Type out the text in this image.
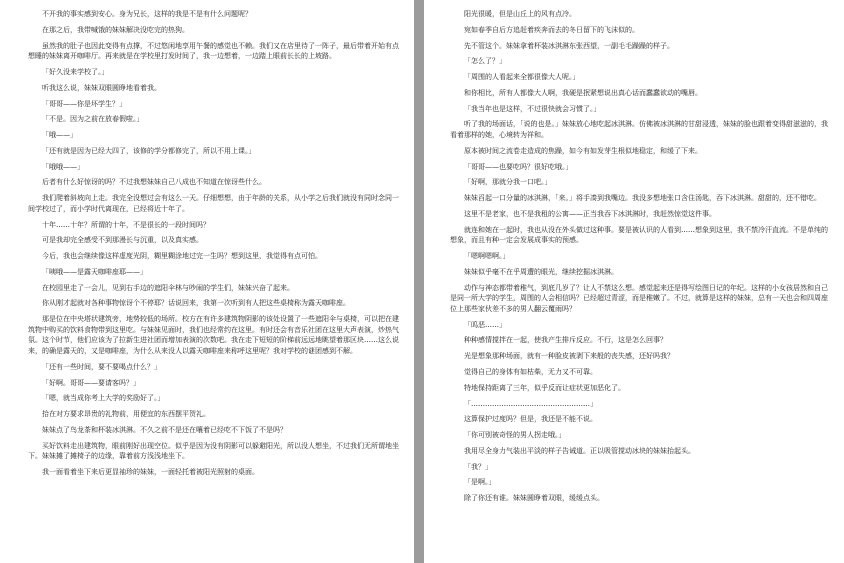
不开我的事实感到安心。身为兄长，这样的我是不是有什么问题呢？

在那之后，我带喊饿的妹妹解决没吃完的热狗。

虽然我的肚子也因此变得有点撑，不过悠闲地享用午餐的感觉也不赖。我们又在店里待了一阵子，最后带着开始有点想睡的妹妹离开咖啡厅。再来就是在学校里打发时间了，我一边想着，一边踏上眼前长长的上坡路。

「好久没来学校了。」

听我这么说，妹妹双眼圆睁地看着我。

「哥哥——你是坏学生？」

「不是。因为之前在放春假啦。」

「哦——」

「还有就是因为已经大四了，该修的学分都修完了，所以不用上课。」

「哦哦——」

后者有什么好惊讶的吗？不过我想妹妹自己八成也不知道在惊讶些什么。

我们爬着斜坡向上走。我完全没想过会有这么一天。仔细想想，由于年龄的关系，从小学之后我们就没有同时念同一间学校过了，而小学时代离现在，已经将近十年了。

十年……十年？所谓的十年，不是很长的一段时间吗？

可是我却完全感受不到那漫长与沉重，以及真实感。

今后，我也会继续像这样虚度光阴，糊里糊涂地过完一生吗？想到这里，我觉得有点可怕。

「咦哦——是露天咖啡座耶——」

在校园里走了一会儿，见到右手边的遮阳伞林与吵闹的学生们，妹妹兴奋了起来。

你从刚才起就对各种事物惊讶个不停耶？话说回来，我第一次听到有人把这些桌椅称为露天咖啡座。

那是位在中央塔状建筑旁，地势较低的场所。校方在有许多建筑物阴影的该处设置了一些遮阳伞与桌椅，可以把在建筑物中购买的饮料食物带到这里吃。与妹妹见面时，我们也经常约在这里。有时还会有音乐社团在这里大声表演，炒热气氛。这个时节，他们应该为了拉新生进社团而增加表演的次数吧。我在走下短短的阶梯前远远地眺望着那区块……这么说来，的确是露天的，又是咖啡座，为什么从来没人以露天咖啡座来称呼这里呢？我对学校的谜团感到不解。

「还有一些时间，要不要喝点什么？」

「好啊。哥哥——要请客吗？」

「嗯，就当成你考上大学的奖励好了。」

拾在对方要求昂贵的礼物前，用便宜的东西摆平贺礼。

妹妹点了鸟龙茶和杯装冰淇淋。不久之前不是还在嚷着已经吃不下饭了不是吗？

买好饮料走出建筑物，眼前刚好出现空位。似乎是因为没有阴影可以躲避阳光，所以没人想坐，不过我们无所谓地坐下。妹妹摊了摊椅子的边缘，靠着前方浅浅地坐下。

我一面看着坐下来后更显袖珍的妹妹，一面轻托着被阳光照射的桌面。

阳光很暖，但是山丘上的风有点冷。

宛如春季自后方追赶着疾奔而去的冬日留下的飞沫似的。

先不管这个。妹妹拿着杯装冰淇淋东张西望，一副毛毛躁躁的样子。

「怎么了？」

「周围的人看起来全都很像大人呢。」

和你相比，所有人都像大人啊，我硬是抿紧想说出真心话而蠢蠢欲动的嘴唇。

「我当年也是这样，不过很快就会习惯了。」

听了我的场面话，「说的也是。」妹妹放心地吃起冰淇淋。仿佛被冰淇淋的甘甜浸透，妹妹的脸也跟着变得甜滋滋的，我看着那样的她，心境转为祥和。

原本被时间之流卷走造成的焦躁，如今有如发芽生根似地稳定，和缓了下来。

「哥哥——也要吃吗？很好吃哦。」

「好啊，那就分我一口吧。」

妹妹舀起一口分量的冰淇淋，「来。」将手凑到我嘴边。我没多想地张口含住汤匙，吞下冰淇淋。甜甜的，还不错吃。

这里不是老家，也不是我租的公寓——正当我吞下冰淇淋时，我赶然惊觉这件事。

就连和她在一起时，我也从没在外头做过这种事。要是被认识的人看到……想象到这里，我不禁冷汗直流。不是单纯的想象，而且有种一定会发展成事实的预感。

「嗯啊嗯啊。」

妹妹似乎毫不在乎周遭的眼光，继续挖掘冰淇淋。

动作与神态都带着稚气，到底几岁了？让人不禁这么想。感觉起来还是得写绘图日记的年纪。这样的小女孩居然和自己是同一所大学的学生，周围的人会相信吗？已经超过青涩，而是稚嫩了。不过，就算是这样的妹妹，总有一天也会和四周座位上那些家伙差不多的男人翻云覆雨吗？

「呜恶……」

种种感情搅拌在一起，使我产生排斥反应。不行，这是怎么回事？

光是想象那种场面，就有一种脸皮被剥下来般的丧失感，还好吗我？

觉得自己的身体有如枯柴，无力又不可靠。

特地保持距离了三年，似乎反而让症状更加恶化了。

「……………………………………………」

这算保护过度吗？但是，我还是不能不说。

「你可别被奇怪的男人拐走哦。」

我用尽全身力气装出平淡的样子告诫道。正以吸管搅动冰块的妹妹抬起头。

「我？」

「是啊。」

除了你还有谁。妹妹圆睁着双眼，缓缓点头。
